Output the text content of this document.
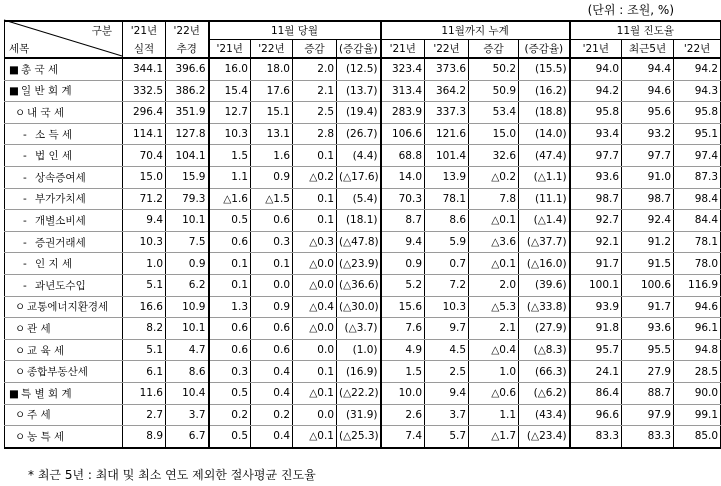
(단위 : 조원, %)
구분	'21년	'22년	11월 당월				11월까지 누계				11월 진도율		
세목	실적	추경	'21년	'22년	증감	(증감율)	'21년	'22년	증감	(증감율)	'21년	최근5년	'22년
■ 총 국 세	344.1	396.6	16.0	18.0	2.0	(12.5)	323.4	373.6	50.2	(15.5)	94.0	94.4	94.2
■ 일 반 회 계	332.5	386.2	15.4	17.6	2.1	(13.7)	313.4	364.2	50.9	(16.2)	94.2	94.6	94.3
ㅇ 내 국 세	296.4	351.9	12.7	15.1	2.5	(19.4)	283.9	337.3	53.4	(18.8)	95.8	95.6	95.8
- 소 득 세	114.1	127.8	10.3	13.1	2.8	(26.7)	106.6	121.6	15.0	(14.0)	93.4	93.2	95.1
- 법 인 세	70.4	104.1	1.5	1.6	0.1	(4.4)	68.8	101.4	32.6	(47.4)	97.7	97.7	97.4
- 상속증여세	15.0	15.9	1.1	0.9	△0.2	(△17.6)	14.0	13.9	△0.2	(△1.1)	93.6	91.0	87.3
- 부가가치세	71.2	79.3	△1.6	△1.5	0.1	(5.4)	70.3	78.1	7.8	(11.1)	98.7	98.7	98.4
- 개별소비세	9.4	10.1	0.5	0.6	0.1	(18.1)	8.7	8.6	△0.1	(△1.4)	92.7	92.4	84.4
- 증권거래세	10.3	7.5	0.6	0.3	△0.3	(△47.8)	9.4	5.9	△3.6	(△37.7)	92.1	91.2	78.1
- 인 지 세	1.0	0.9	0.1	0.1	△0.0	(△23.9)	0.9	0.7	△0.1	(△16.0)	91.7	91.5	78.0
- 과년도수입	5.1	6.2	0.1	0.0	△0.0	(△36.6)	5.2	7.2	2.0	(39.6)	100.1	100.6	116.9
ㅇ 교통에너지환경세	16.6	10.9	1.3	0.9	△0.4	(△30.0)	15.6	10.3	△5.3	(△33.8)	93.9	91.7	94.6
ㅇ 관 세	8.2	10.1	0.6	0.6	△0.0	(△3.7)	7.6	9.7	2.1	(27.9)	91.8	93.6	96.1
ㅇ 교 육 세	5.1	4.7	0.6	0.6	0.0	(1.0)	4.9	4.5	△0.4	(△8.3)	95.7	95.5	94.8
ㅇ 종합부동산세	6.1	8.6	0.3	0.4	0.1	(16.9)	1.5	2.5	1.0	(66.3)	24.1	27.9	28.5
■ 특 별 회 계	11.6	10.4	0.5	0.4	△0.1	(△22.2)	10.0	9.4	△0.6	(△6.2)	86.4	88.7	90.0
ㅇ 주 세	2.7	3.7	0.2	0.2	0.0	(31.9)	2.6	3.7	1.1	(43.4)	96.6	97.9	99.1
ㅇ 농 특 세	8.9	6.7	0.5	0.4	△0.1	(△25.3)	7.4	5.7	△1.7	(△23.4)	83.3	83.3	85.0
* 최근 5년 : 최대 및 최소 연도 제외한 절사평균 진도율
